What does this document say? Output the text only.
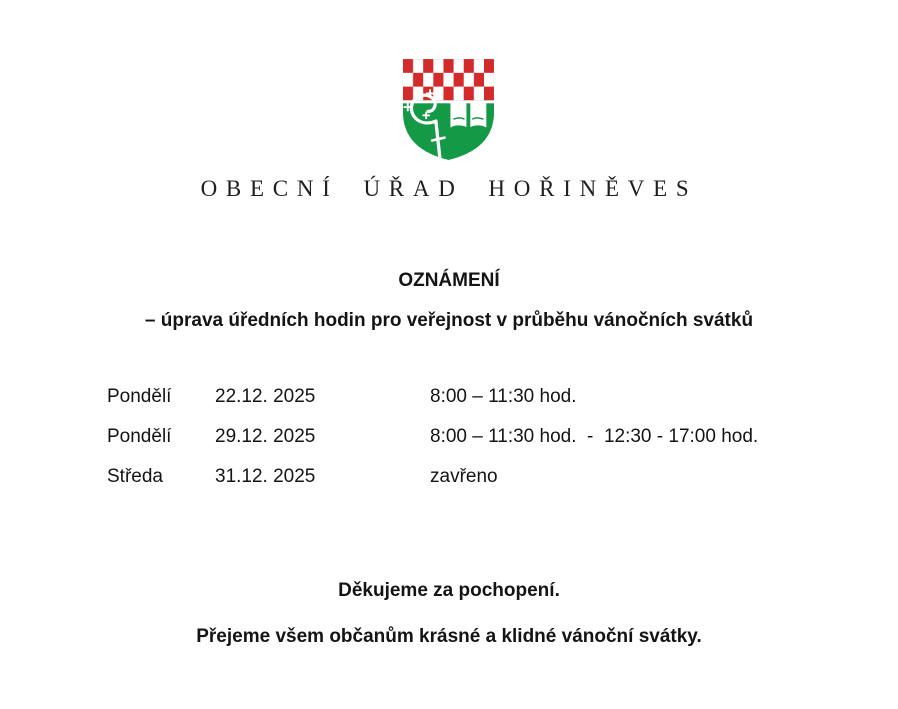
OBECNÍ ÚŘAD HOŘINĚVES
OZNÁMENÍ
– úprava úředních hodin pro veřejnost v průběhu vánočních svátků
Pondělí	22.12. 2025	8:00 – 11:30 hod.
Pondělí	29.12. 2025	8:00 – 11:30 hod.  -  12:30 - 17:00 hod.
Středa	31.12. 2025	zavřeno
Děkujeme za pochopení.
Přejeme všem občanům krásné a klidné vánoční svátky.
